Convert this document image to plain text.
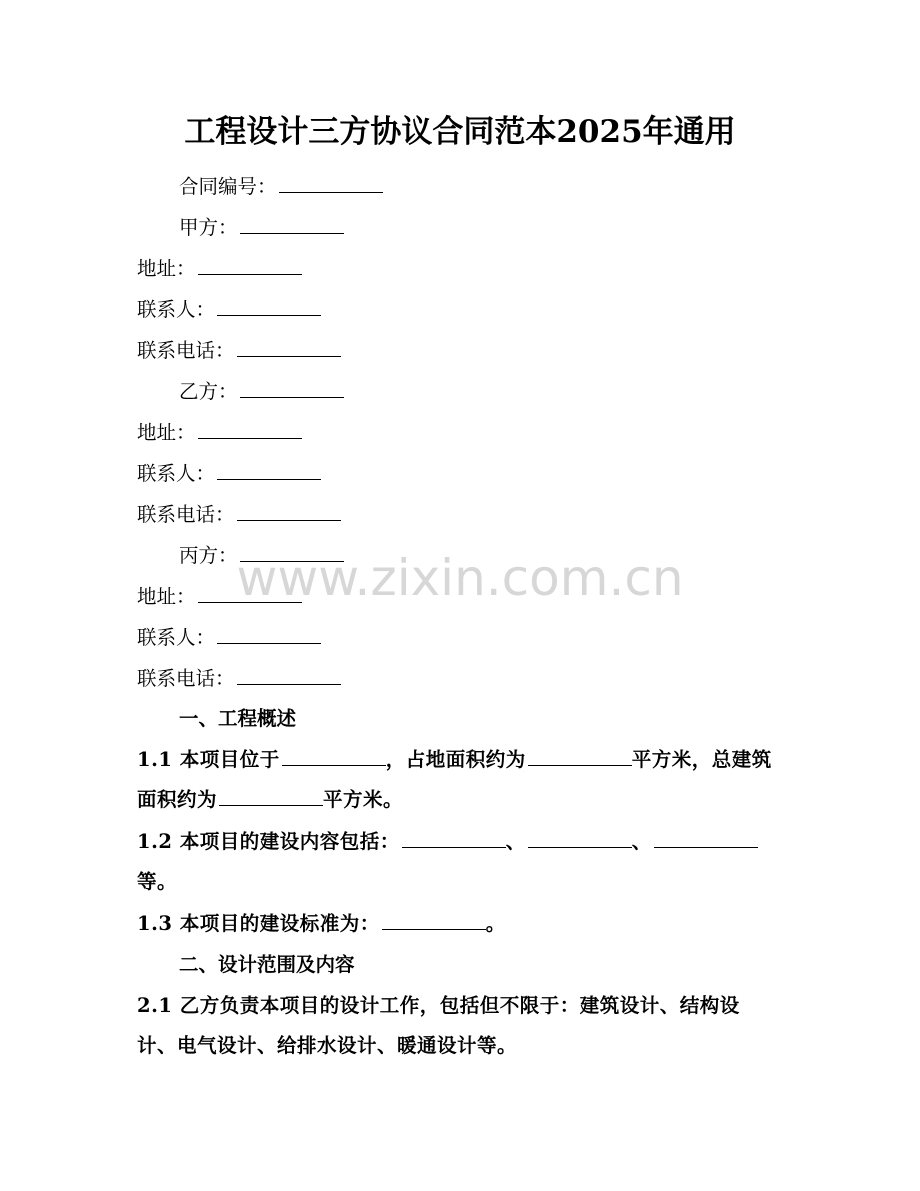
工程设计三方协议合同范本2025年通用
合同编号：
甲方：
地址：
联系人：
联系电话：
乙方：
地址：
联系人：
联系电话：
丙方：
地址：
联系人：
联系电话：
一、工程概述
1.1 本项目位于	，占地面积约为	平方米，总建筑面积约为	平方米。
1.2 本项目的建设内容包括：	、	、等。
1.3 本项目的建设标准为：	。
二、设计范围及内容
2.1 乙方负责本项目的设计工作，包括但不限于：建筑设计、结构设计、电气设计、给排水设计、暖通设计等。
www.zixin.com.cn
